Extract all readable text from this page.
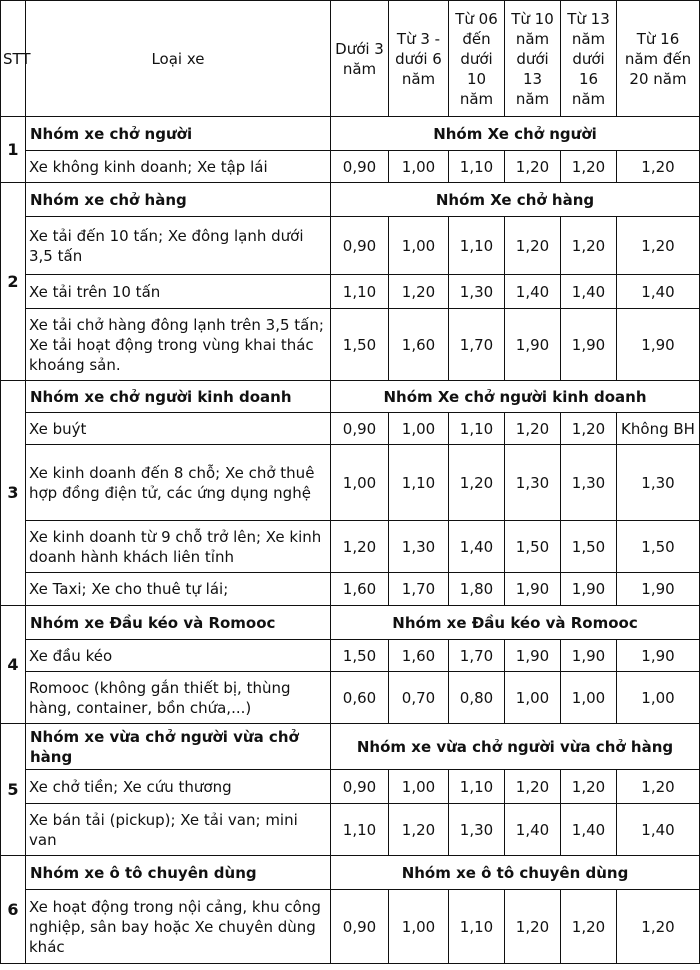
STT	Loại xe	Dưới 3 năm	Từ 3 - dưới 6 năm	Từ 06 đến dưới 10 năm	Từ 10 năm dưới 13 năm	Từ 13 năm dưới 16 năm	Từ 16 năm đến 20 năm
1	Nhóm xe chở người	Nhóm Xe chở người					
	Xe không kinh doanh; Xe tập lái	0,90	1,00	1,10	1,20	1,20	1,20
2	Nhóm xe chở hàng	Nhóm Xe chở hàng					
	Xe tải đến 10 tấn; Xe đông lạnh dưới 3,5 tấn	0,90	1,00	1,10	1,20	1,20	1,20
	Xe tải trên 10 tấn	1,10	1,20	1,30	1,40	1,40	1,40
	Xe tải chở hàng đông lạnh trên 3,5 tấn; Xe tải hoạt động trong vùng khai thác khoáng sản.	1,50	1,60	1,70	1,90	1,90	1,90
3	Nhóm xe chở người kinh doanh	Nhóm Xe chở người kinh doanh					
	Xe buýt	0,90	1,00	1,10	1,20	1,20	Không BH
	Xe kinh doanh đến 8 chỗ; Xe chở thuê hợp đồng điện tử, các ứng dụng nghệ	1,00	1,10	1,20	1,30	1,30	1,30
	Xe kinh doanh từ 9 chỗ trở lên; Xe kinh doanh hành khách liên tỉnh	1,20	1,30	1,40	1,50	1,50	1,50
	Xe Taxi; Xe cho thuê tự lái;	1,60	1,70	1,80	1,90	1,90	1,90
4	Nhóm xe Đầu kéo và Romooc	Nhóm xe Đầu kéo và Romooc					
	Xe đầu kéo	1,50	1,60	1,70	1,90	1,90	1,90
	Romooc (không gắn thiết bị, thùng hàng, container, bồn chứa,...)	0,60	0,70	0,80	1,00	1,00	1,00
5	Nhóm xe vừa chở người vừa chở hàng	Nhóm xe vừa chở người vừa chở hàng					
	Xe chở tiền; Xe cứu thương	0,90	1,00	1,10	1,20	1,20	1,20
	Xe bán tải (pickup); Xe tải van; mini van	1,10	1,20	1,30	1,40	1,40	1,40
6	Nhóm xe ô tô chuyên dùng	Nhóm xe ô tô chuyên dùng					
	Xe hoạt động trong nội cảng, khu công nghiệp, sân bay hoặc Xe chuyên dùng khác	0,90	1,00	1,10	1,20	1,20	1,20
